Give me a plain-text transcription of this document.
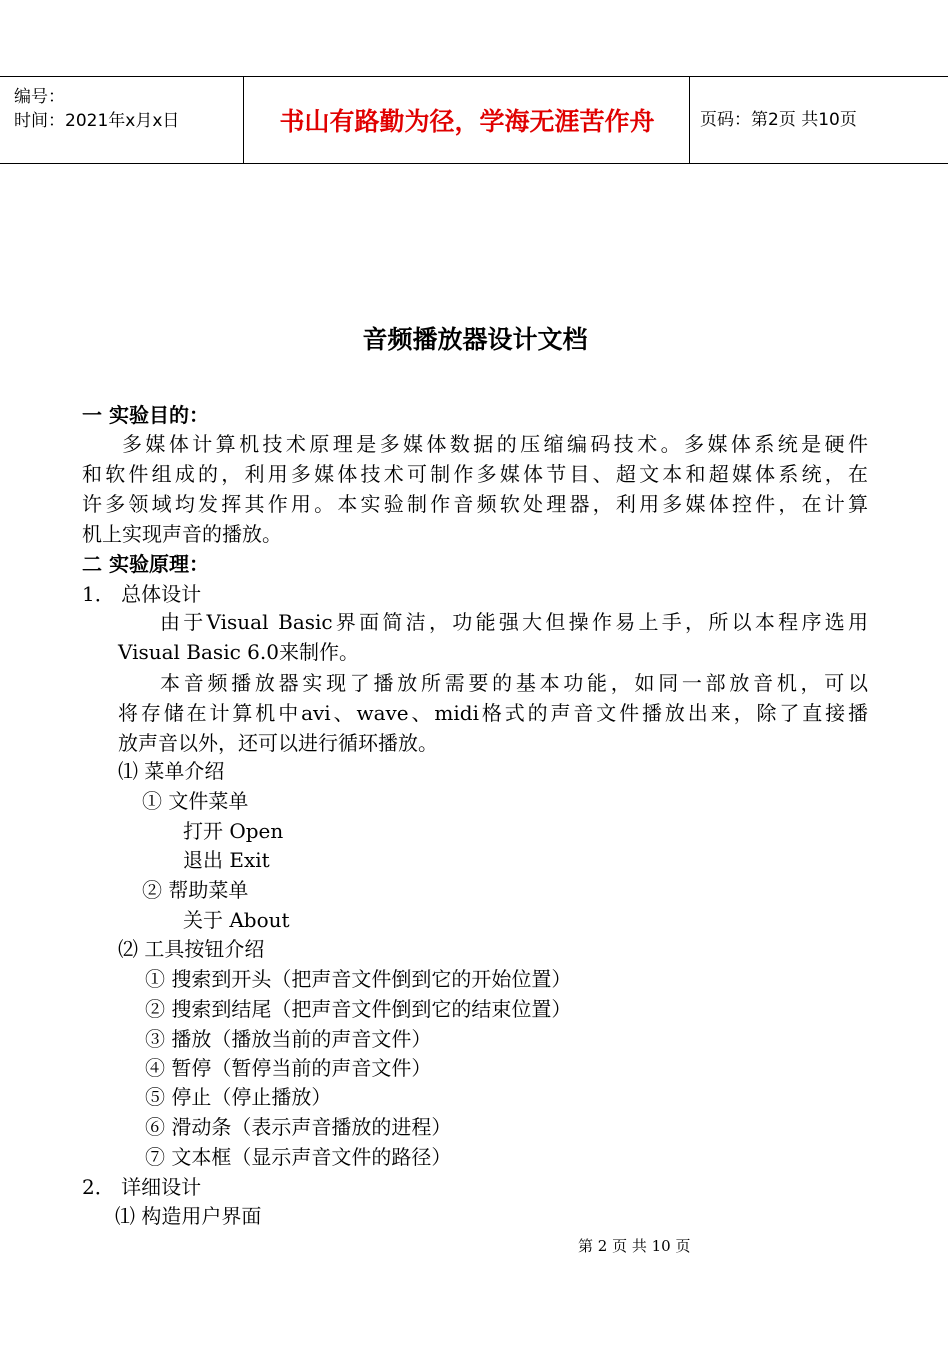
编号：
时间：2021年x月x日	书山有路勤为径，学海无涯苦作舟	页码：第2页 共10页
音频播放器设计文档
一 实验目的：
多媒体计算机技术原理是多媒体数据的压缩编码技术。多媒体系统是硬件
和软件组成的，利用多媒体技术可制作多媒体节目、超文本和超媒体系统，在
许多领域均发挥其作用。本实验制作音频软处理器，利用多媒体控件，在计算
机上实现声音的播放。
二 实验原理：
1． 总体设计
由于Visual Basic界面简洁，功能强大但操作易上手，所以本程序选用
Visual Basic 6.0来制作。
本音频播放器实现了播放所需要的基本功能，如同一部放音机，可以
将存储在计算机中avi、wave、midi格式的声音文件播放出来，除了直接播
放声音以外，还可以进行循环播放。
⑴ 菜单介绍
① 文件菜单
打开 Open
退出 Exit
② 帮助菜单
关于 About
⑵ 工具按钮介绍
① 搜索到开头（把声音文件倒到它的开始位置）
② 搜索到结尾（把声音文件倒到它的结束位置）
③ 播放（播放当前的声音文件）
④ 暂停（暂停当前的声音文件）
⑤ 停止（停止播放）
⑥ 滑动条（表示声音播放的进程）
⑦ 文本框（显示声音文件的路径）
2． 详细设计
⑴ 构造用户界面
第 2 页 共 10 页
